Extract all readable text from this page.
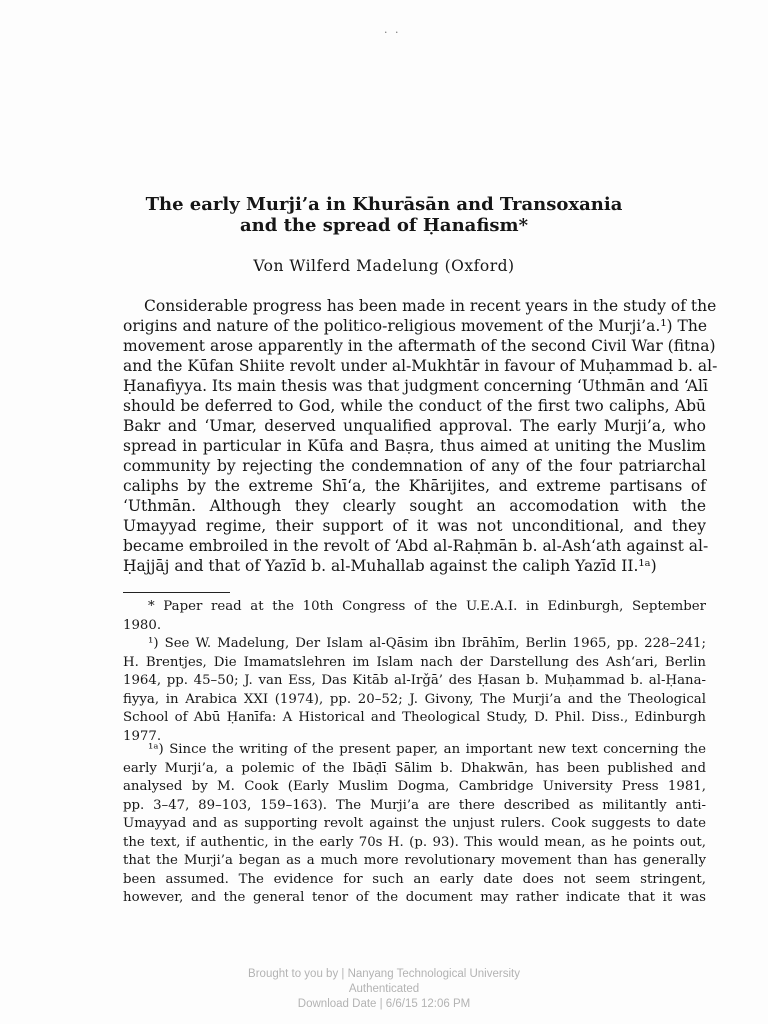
· ·
The early Murji’a in Khurāsān and Transoxania
and the spread of Ḥanafism*
Von Wilferd Madelung (Oxford)

Considerable progress has been made in recent years in the study of the
origins and nature of the politico-religious movement of the Murji’a.¹) The
movement arose apparently in the aftermath of the second Civil War (fitna)
and the Kūfan Shiite revolt under al-Mukhtār in favour of Muḥammad b. al-
Ḥanafiyya. Its main thesis was that judgment concerning ‘Uthmān and ‘Alī
should be deferred to God, while the conduct of the first two caliphs, Abū
Bakr and ‘Umar, deserved unqualified approval. The early Murji’a, who
spread in particular in Kūfa and Baṣra, thus aimed at uniting the Muslim
community by rejecting the condemnation of any of the four patriarchal
caliphs by the extreme Shī‘a, the Khārijites, and extreme partisans of
‘Uthmān. Although they clearly sought an accomodation with the
Umayyad regime, their support of it was not unconditional, and they
became embroiled in the revolt of ‘Abd al-Raḥmān b. al-Ash‘ath against al-
Ḥajjāj and that of Yazīd b. al-Muhallab against the caliph Yazīd II.¹ᵃ)

* Paper read at the 10th Congress of the U.E.A.I. in Edinburgh, September
1980.
¹) See W. Madelung, Der Islam al-Qāsim ibn Ibrāhīm, Berlin 1965, pp. 228–241;
H. Brentjes, Die Imamatslehren im Islam nach der Darstellung des Ash‘ari, Berlin
1964, pp. 45–50; J. van Ess, Das Kitāb al-Irǧā’ des Ḥasan b. Muḥammad b. al-Ḥana-
fiyya, in Arabica XXI (1974), pp. 20–52; J. Givony, The Murji’a and the Theological
School of Abū Ḥanīfa: A Historical and Theological Study, D. Phil. Diss., Edinburgh
1977.
¹ᵃ) Since the writing of the present paper, an important new text concerning the
early Murji’a, a polemic of the Ibāḍī Sālim b. Dhakwān, has been published and
analysed by M. Cook (Early Muslim Dogma, Cambridge University Press 1981,
pp. 3–47, 89–103, 159–163). The Murji’a are there described as militantly anti-
Umayyad and as supporting revolt against the unjust rulers. Cook suggests to date
the text, if authentic, in the early 70s H. (p. 93). This would mean, as he points out,
that the Murji’a began as a much more revolutionary movement than has generally
been assumed. The evidence for such an early date does not seem stringent,
however, and the general tenor of the document may rather indicate that it was
Brought to you by | Nanyang Technological University
Authenticated
Download Date | 6/6/15 12:06 PM
